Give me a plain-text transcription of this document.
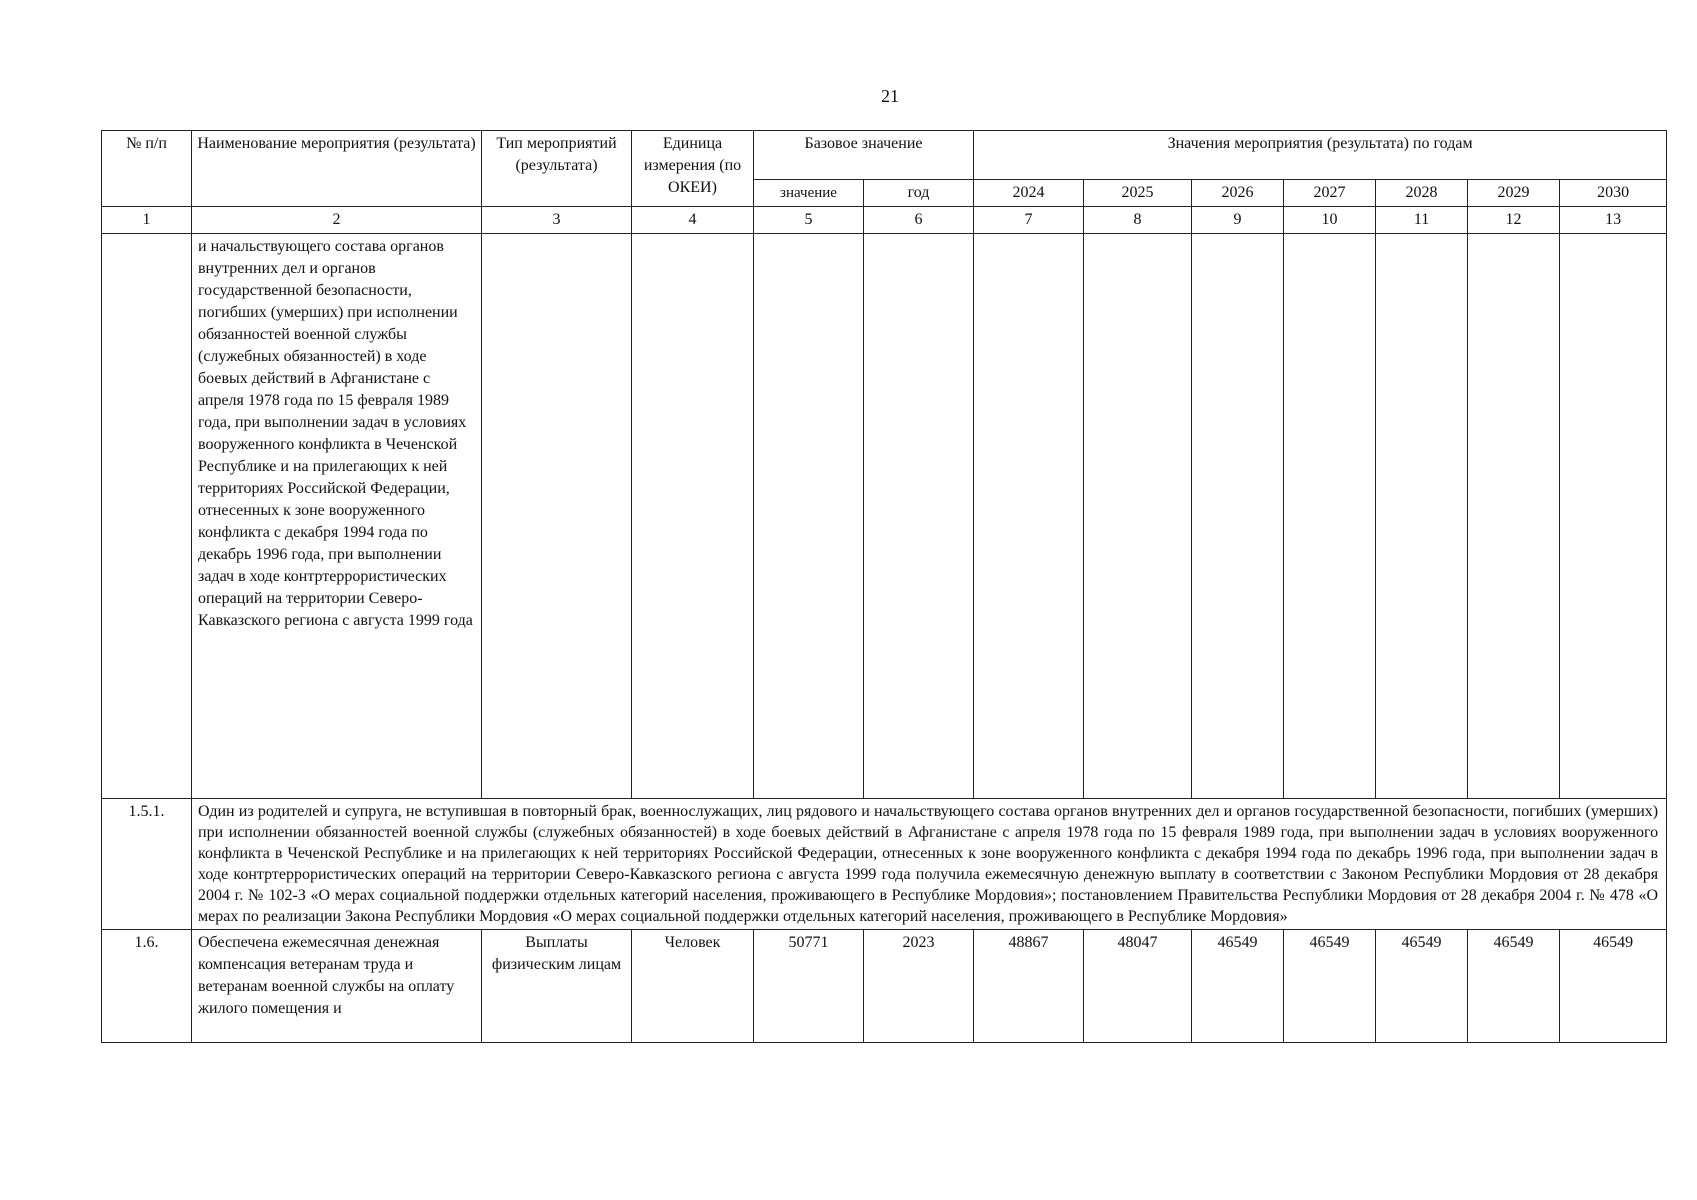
21
№ п/п	Наименование мероприятия (результата)	Тип мероприятий (результата)	Единица измерения (по ОКЕИ)	Базовое значение		Значения мероприятия (результата) по годам						
				значение	год	2024	2025	2026	2027	2028	2029	2030
1	2	3	4	5	6	7	8	9	10	11	12	13
	и начальствующего состава органов внутренних дел и органов государственной безопасности, погибших (умерших) при исполнении обязанностей военной службы (служебных обязанностей) в ходе боевых действий в Афганистане с апреля 1978 года по 15 февраля 1989 года, при выполнении задач в условиях вооруженного конфликта в Чеченской Республике и на прилегающих к ней территориях Российской Федерации, отнесенных к зоне вооруженного конфликта с декабря 1994 года по декабрь 1996 года, при выполнении задач в ходе контртеррористических операций на территории Северо-Кавказского региона с августа 1999 года											
1.5.1.	Один из родителей и супруга, не вступившая в повторный брак, военнослужащих, лиц рядового и начальствующего состава органов внутренних дел и органов государственной безопасности, погибших (умерших) при исполнении обязанностей военной службы (служебных обязанностей) в ходе боевых действий в Афганистане с апреля 1978 года по 15 февраля 1989 года, при выполнении задач в условиях вооруженного конфликта в Чеченской Республике и на прилегающих к ней территориях Российской Федерации, отнесенных к зоне вооруженного конфликта с декабря 1994 года по декабрь 1996 года, при выполнении задач в ходе контртеррористических операций на территории Северо-Кавказского региона с августа 1999 года получила ежемесячную денежную выплату в соответствии с Законом Республики Мордовия от 28 декабря 2004 г. № 102-З «О мерах социальной поддержки отдельных категорий населения, проживающего в Республике Мордовия»; постановлением Правительства Республики Мордовия от 28 декабря 2004 г. № 478 «О мерах по реализации Закона Республики Мордовия «О мерах социальной поддержки отдельных категорий населения, проживающего в Республике Мордовия»											
1.6.	Обеспечена ежемесячная денежная компенсация ветеранам труда и ветеранам военной службы на оплату жилого помещения и	Выплаты физическим лицам	Человек	50771	2023	48867	48047	46549	46549	46549	46549	46549
